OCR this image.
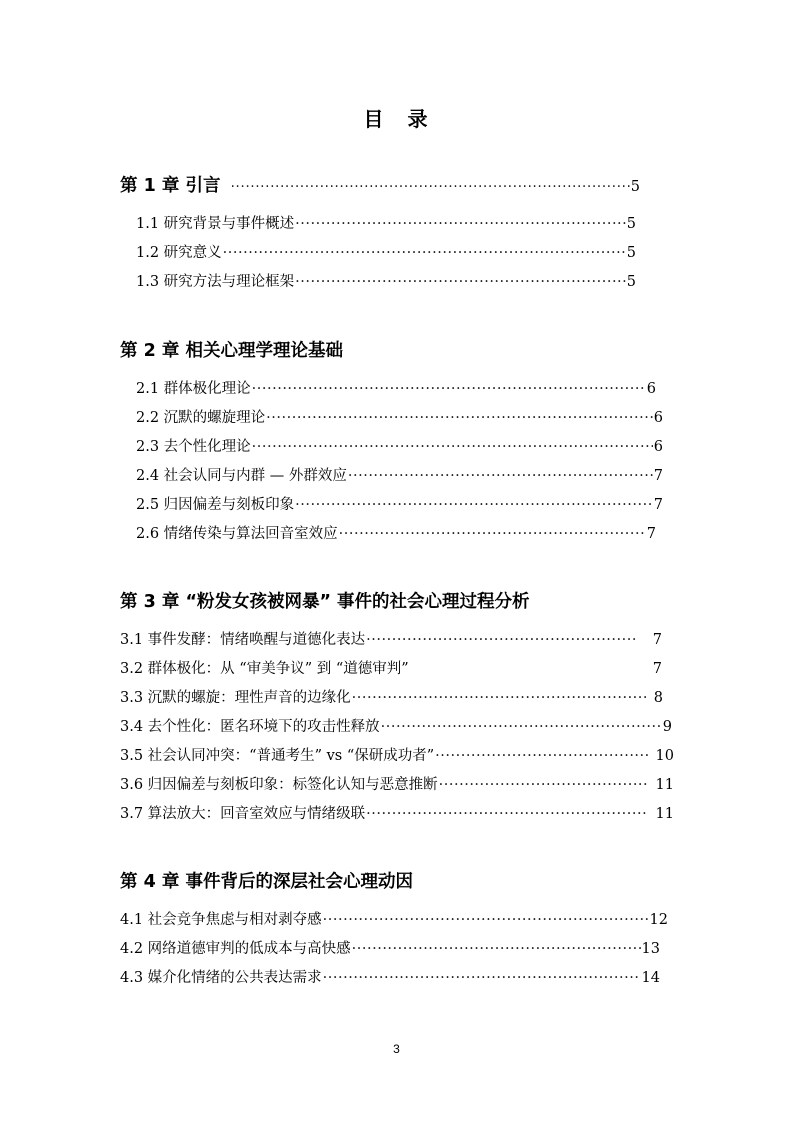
目　录
第 1 章 引言 ·····	5
1.1 研究背景与事件概述 ·····	5
1.2 研究意义 ·····	5
1.3 研究方法与理论框架 ·····	5
第 2 章 相关心理学理论基础
2.1 群体极化理论 ·····	6
2.2 沉默的螺旋理论 ·····	6
2.3 去个性化理论 ·····	6
2.4 社会认同与内群 — 外群效应 ·····	7
2.5 归因偏差与刻板印象 ·····	7
2.6 情绪传染与算法回音室效应 ·····	7
第 3 章 “粉发女孩被网暴” 事件的社会心理过程分析
3.1 事件发酵：情绪唤醒与道德化表达 ·····	7
3.2 群体极化：从 “审美争议” 到 “道德审判”	7
3.3 沉默的螺旋：理性声音的边缘化 ·····	8
3.4 去个性化：匿名环境下的攻击性释放 ·····	9
3.5 社会认同冲突：“普通考生” vs “保研成功者” ·····	10
3.6 归因偏差与刻板印象：标签化认知与恶意推断 ·····	11
3.7 算法放大：回音室效应与情绪级联 ·····	11
第 4 章 事件背后的深层社会心理动因
4.1 社会竞争焦虑与相对剥夺感 ·····	12
4.2 网络道德审判的低成本与高快感 ·····	13
4.3 媒介化情绪的公共表达需求 ·····	14
3
